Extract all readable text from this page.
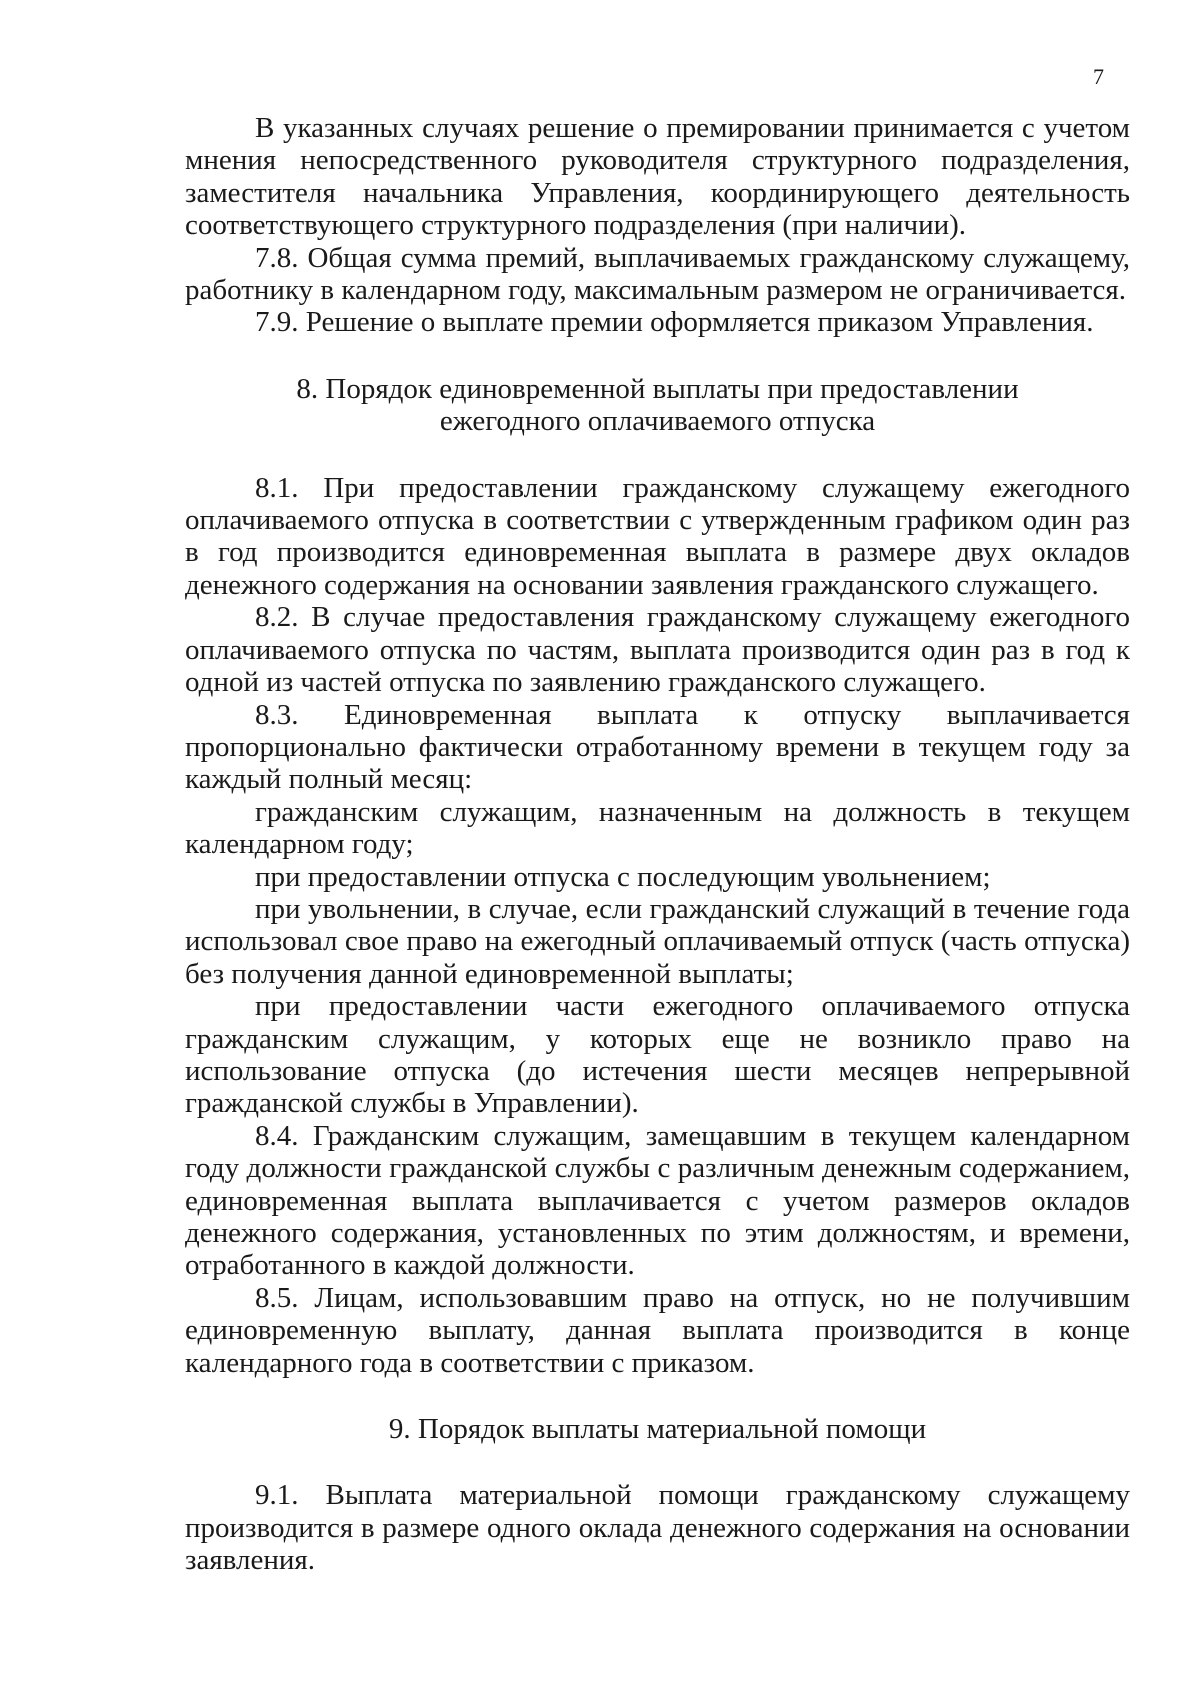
7

В указанных случаях решение о премировании принимается с учетом мнения непосредственного руководителя структурного подразделения, заместителя начальника Управления, координирующего деятельность соответствующего структурного подразделения (при наличии).

7.8. Общая сумма премий, выплачиваемых гражданскому служащему, работнику в календарном году, максимальным размером не ограничивается.

7.9. Решение о выплате премии оформляется приказом Управления.

8. Порядок единовременной выплаты при предоставлении
ежегодного оплачиваемого отпуска

8.1. При предоставлении гражданскому служащему ежегодного оплачиваемого отпуска в соответствии с утвержденным графиком один раз в год производится единовременная выплата в размере двух окладов денежного содержания на основании заявления гражданского служащего.

8.2. В случае предоставления гражданскому служащему ежегодного оплачиваемого отпуска по частям, выплата производится один раз в год к одной из частей отпуска по заявлению гражданского служащего.

8.3. Единовременная выплата к отпуску выплачивается пропорционально фактически отработанному времени в текущем году за каждый полный месяц:

гражданским служащим, назначенным на должность в текущем календарном году;

при предоставлении отпуска с последующим увольнением;

при увольнении, в случае, если гражданский служащий в течение года использовал свое право на ежегодный оплачиваемый отпуск (часть отпуска) без получения данной единовременной выплаты;

при предоставлении части ежегодного оплачиваемого отпуска гражданским служащим, у которых еще не возникло право на использование отпуска (до истечения шести месяцев непрерывной гражданской службы в Управлении).

8.4. Гражданским служащим, замещавшим в текущем календарном году должности гражданской службы с различным денежным содержанием, единовременная выплата выплачивается с учетом размеров окладов денежного содержания, установленных по этим должностям, и времени, отработанного в каждой должности.

8.5. Лицам, использовавшим право на отпуск, но не получившим единовременную выплату, данная выплата производится в конце календарного года в соответствии с приказом.

9. Порядок выплаты материальной помощи

9.1. Выплата материальной помощи гражданскому служащему производится в размере одного оклада денежного содержания на основании заявления.
